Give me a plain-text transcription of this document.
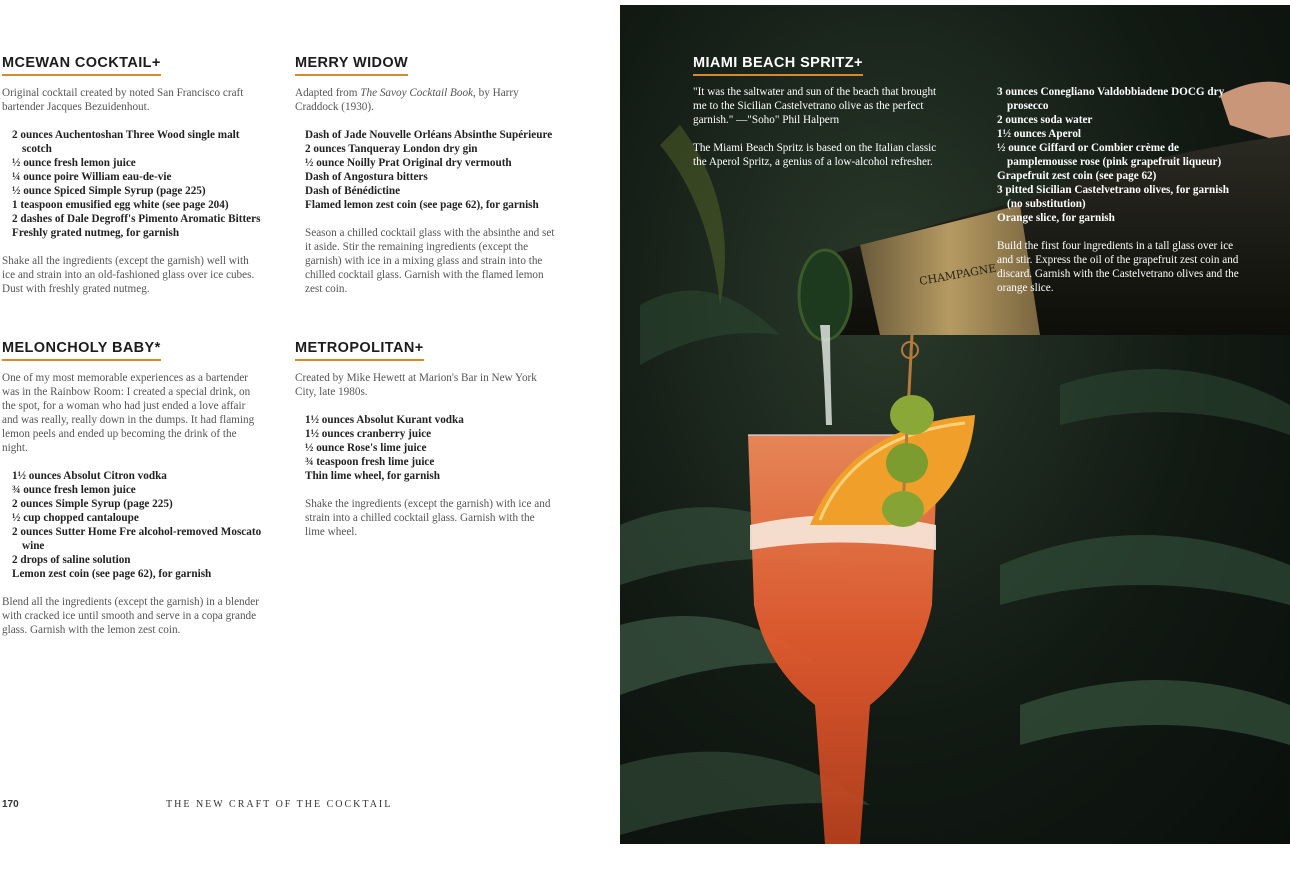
MCEWAN COCKTAIL+

Original cocktail created by noted San Francisco craft bartender Jacques Bezuidenhout.

2 ounces Auchentoshan Three Wood single malt scotch
½ ounce fresh lemon juice
¼ ounce poire William eau-de-vie
½ ounce Spiced Simple Syrup (page 225)
1 teaspoon emusified egg white (see page 204)
2 dashes of Dale Degroff's Pimento Aromatic Bitters
Freshly grated nutmeg, for garnish

Shake all the ingredients (except the garnish) well with ice and strain into an old-fashioned glass over ice cubes. Dust with freshly grated nutmeg.

MELONCHOLY BABY*

One of my most memorable experiences as a bartender was in the Rainbow Room: I created a special drink, on the spot, for a woman who had just ended a love affair and was really, really down in the dumps. It had flaming lemon peels and ended up becoming the drink of the night.

1½ ounces Absolut Citron vodka
¾ ounce fresh lemon juice
2 ounces Simple Syrup (page 225)
½ cup chopped cantaloupe
2 ounces Sutter Home Fre alcohol-removed Moscato wine
2 drops of saline solution
Lemon zest coin (see page 62), for garnish

Blend all the ingredients (except the garnish) in a blender with cracked ice until smooth and serve in a copa grande glass. Garnish with the lemon zest coin.

MERRY WIDOW

Adapted from The Savoy Cocktail Book, by Harry Craddock (1930).

Dash of Jade Nouvelle Orléans Absinthe Supérieure
2 ounces Tanqueray London dry gin
½ ounce Noilly Prat Original dry vermouth
Dash of Angostura bitters
Dash of Bénédictine
Flamed lemon zest coin (see page 62), for garnish

Season a chilled cocktail glass with the absinthe and set it aside. Stir the remaining ingredients (except the garnish) with ice in a mixing glass and strain into the chilled cocktail glass. Garnish with the flamed lemon zest coin.

METROPOLITAN+

Created by Mike Hewett at Marion's Bar in New York City, late 1980s.

1½ ounces Absolut Kurant vodka
1½ ounces cranberry juice
½ ounce Rose's lime juice
¾ teaspoon fresh lime juice
Thin lime wheel, for garnish

Shake the ingredients (except the garnish) with ice and strain into a chilled cocktail glass. Garnish with the lime wheel.

170	THE NEW CRAFT OF THE COCKTAIL
CHAMPAGNE
MIAMI BEACH SPRITZ+

"It was the saltwater and sun of the beach that brought me to the Sicilian Castelvetrano olive as the perfect garnish." —"Soho" Phil Halpern

The Miami Beach Spritz is based on the Italian classic the Aperol Spritz, a genius of a low-alcohol refresher.

3 ounces Conegliano Valdobbiadene DOCG dry prosecco
2 ounces soda water
1½ ounces Aperol
½ ounce Giffard or Combier crème de pamplemousse rose (pink grapefruit liqueur)
Grapefruit zest coin (see page 62)
3 pitted Sicilian Castelvetrano olives, for garnish (no substitution)
Orange slice, for garnish

Build the first four ingredients in a tall glass over ice and stir. Express the oil of the grapefruit zest coin and discard. Garnish with the Castelvetrano olives and the orange slice.
